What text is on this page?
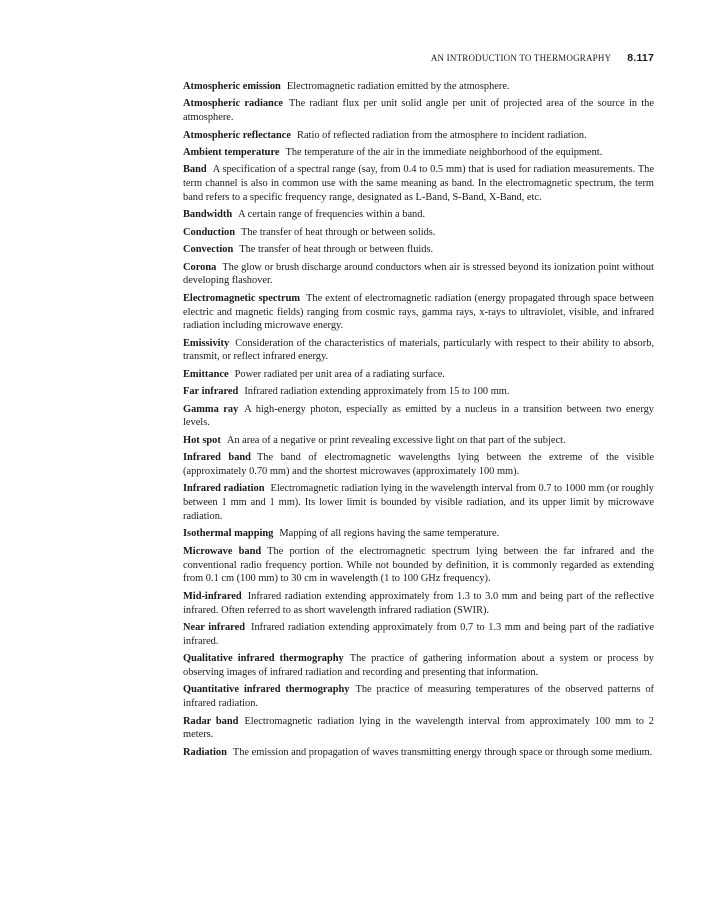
AN INTRODUCTION TO THERMOGRAPHY 8.117

Atmospheric emission Electromagnetic radiation emitted by the atmosphere.

Atmospheric radiance The radiant flux per unit solid angle per unit of projected area of the source in the atmosphere.

Atmospheric reflectance Ratio of reflected radiation from the atmosphere to incident radiation.

Ambient temperature The temperature of the air in the immediate neighborhood of the equipment.

Band A specification of a spectral range (say, from 0.4 to 0.5 mm) that is used for radiation measurements. The term channel is also in common use with the same meaning as band. In the electromagnetic spectrum, the term band refers to a specific frequency range, designated as L-Band, S-Band, X-Band, etc.

Bandwidth A certain range of frequencies within a band.

Conduction The transfer of heat through or between solids.

Convection The transfer of heat through or between fluids.

Corona The glow or brush discharge around conductors when air is stressed beyond its ionization point without developing flashover.

Electromagnetic spectrum The extent of electromagnetic radiation (energy propagated through space between electric and magnetic fields) ranging from cosmic rays, gamma rays, x-rays to ultraviolet, visible, and infrared radiation including microwave energy.

Emissivity Consideration of the characteristics of materials, particularly with respect to their ability to absorb, transmit, or reflect infrared energy.

Emittance Power radiated per unit area of a radiating surface.

Far infrared Infrared radiation extending approximately from 15 to 100 mm.

Gamma ray A high-energy photon, especially as emitted by a nucleus in a transition between two energy levels.

Hot spot An area of a negative or print revealing excessive light on that part of the subject.

Infrared band The band of electromagnetic wavelengths lying between the extreme of the visible (approximately 0.70 mm) and the shortest microwaves (approximately 100 mm).

Infrared radiation Electromagnetic radiation lying in the wavelength interval from 0.7 to 1000 mm (or roughly between 1 mm and 1 mm). Its lower limit is bounded by visible radiation, and its upper limit by microwave radiation.

Isothermal mapping Mapping of all regions having the same temperature.

Microwave band The portion of the electromagnetic spectrum lying between the far infrared and the conventional radio frequency portion. While not bounded by definition, it is commonly regarded as extending from 0.1 cm (100 mm) to 30 cm in wavelength (1 to 100 GHz frequency).

Mid-infrared Infrared radiation extending approximately from 1.3 to 3.0 mm and being part of the reflective infrared. Often referred to as short wavelength infrared radiation (SWIR).

Near infrared Infrared radiation extending approximately from 0.7 to 1.3 mm and being part of the radiative infrared.

Qualitative infrared thermography The practice of gathering information about a system or process by observing images of infrared radiation and recording and presenting that information.

Quantitative infrared thermography The practice of measuring temperatures of the observed patterns of infrared radiation.

Radar band Electromagnetic radiation lying in the wavelength interval from approximately 100 mm to 2 meters.

Radiation The emission and propagation of waves transmitting energy through space or through some medium.
